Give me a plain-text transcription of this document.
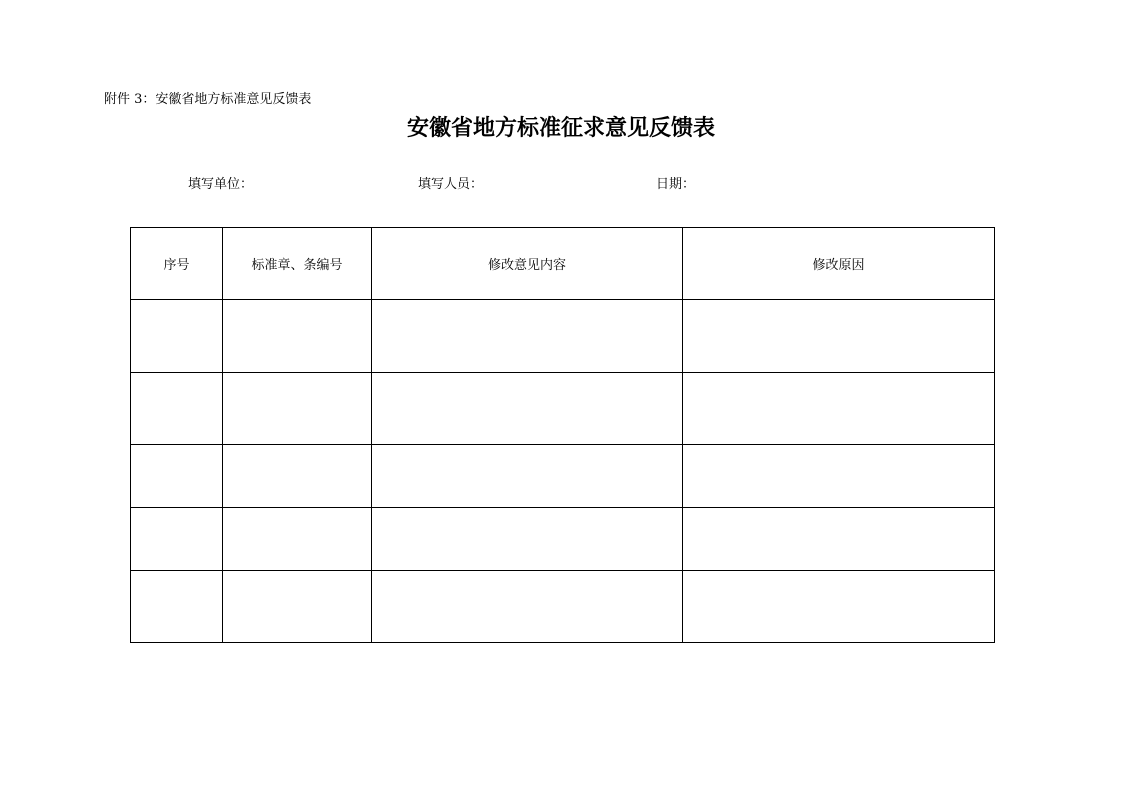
附件 3：安徽省地方标准意见反馈表
安徽省地方标准征求意见反馈表
填写单位：	填写人员：	日期：
序号	标准章、条编号	修改意见内容	修改原因
